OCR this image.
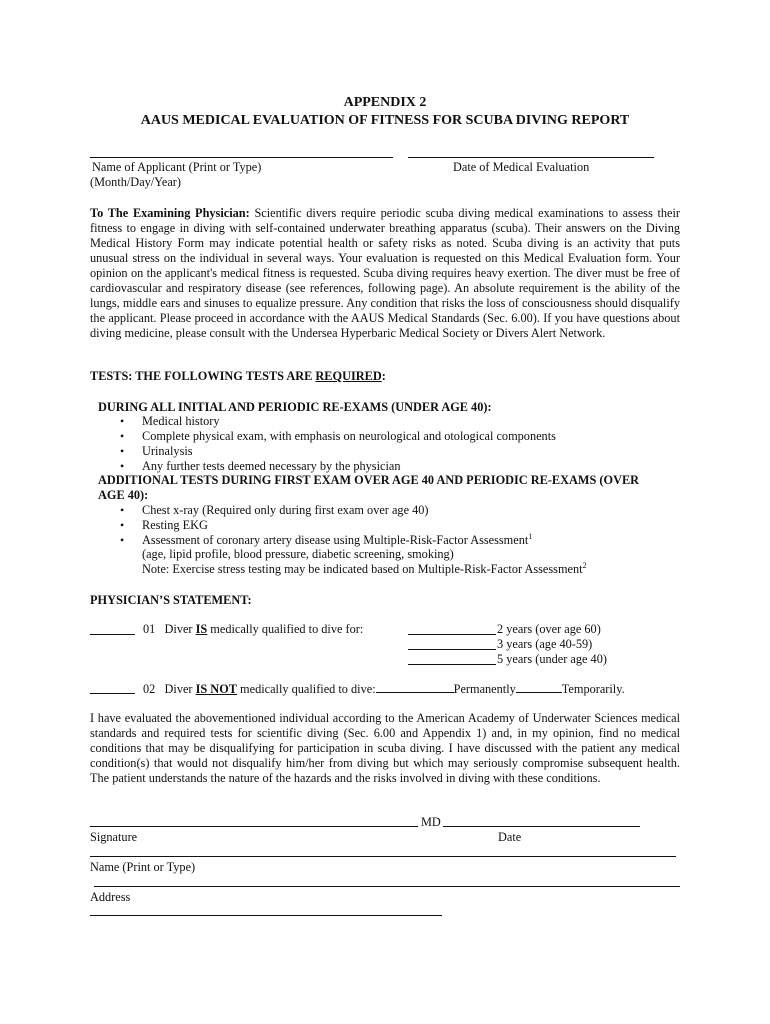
APPENDIX 2
AAUS MEDICAL EVALUATION OF FITNESS FOR SCUBA DIVING REPORT
Name of Applicant (Print or Type)	Date of Medical Evaluation
(Month/Day/Year)
To The Examining Physician: Scientific divers require periodic scuba diving medical examinations to assess their fitness to engage in diving with self-contained underwater breathing apparatus (scuba). Their answers on the Diving Medical History Form may indicate potential health or safety risks as noted. Scuba diving is an activity that puts unusual stress on the individual in several ways. Your evaluation is requested on this Medical Evaluation form. Your opinion on the applicant's medical fitness is requested. Scuba diving requires heavy exertion. The diver must be free of cardiovascular and respiratory disease (see references, following page). An absolute requirement is the ability of the lungs, middle ears and sinuses to equalize pressure. Any condition that risks the loss of consciousness should disqualify the applicant. Please proceed in accordance with the AAUS Medical Standards (Sec. 6.00). If you have questions about diving medicine, please consult with the Undersea Hyperbaric Medical Society or Divers Alert Network.
TESTS: THE FOLLOWING TESTS ARE REQUIRED:
DURING ALL INITIAL AND PERIODIC RE-EXAMS (UNDER AGE 40):
• Medical history
• Complete physical exam, with emphasis on neurological and otological components
• Urinalysis
• Any further tests deemed necessary by the physician
ADDITIONAL TESTS DURING FIRST EXAM OVER AGE 40 AND PERIODIC RE-EXAMS (OVER
AGE 40):
• Chest x-ray (Required only during first exam over age 40)
• Resting EKG
• Assessment of coronary artery disease using Multiple-Risk-Factor Assessment$^1$
(age, lipid profile, blood pressure, diabetic screening, smoking)
Note: Exercise stress testing may be indicated based on Multiple-Risk-Factor Assessment$^2$
PHYSICIAN’S STATEMENT:
01 Diver IS medically qualified to dive for:	2 years (over age 60)
3 years (age 40-59)
5 years (under age 40)
02 Diver IS NOT medically qualified to dive:	Permanently	Temporarily.
I have evaluated the abovementioned individual according to the American Academy of Underwater Sciences medical standards and required tests for scientific diving (Sec. 6.00 and Appendix 1) and, in my opinion, find no medical conditions that may be disqualifying for participation in scuba diving. I have discussed with the patient any medical condition(s) that would not disqualify him/her from diving but which may seriously compromise subsequent health. The patient understands the nature of the hazards and the risks involved in diving with these conditions.
MD
Signature	Date
Name (Print or Type)
Address
